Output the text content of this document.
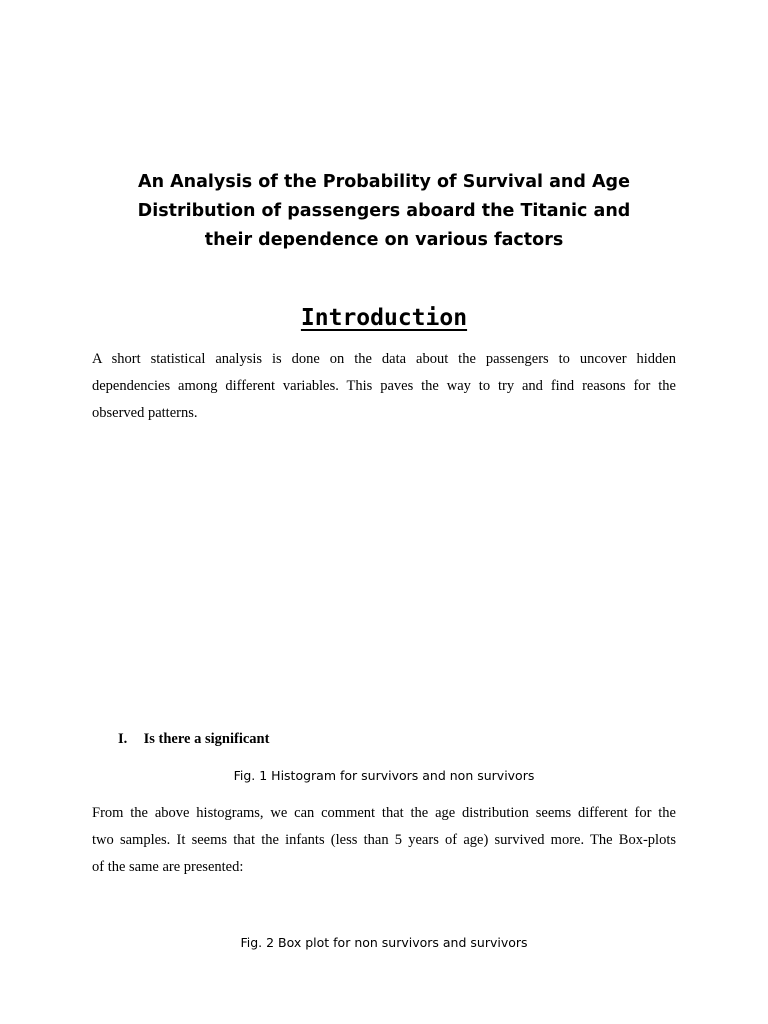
An Analysis of the Probability of Survival and Age
Distribution of passengers aboard the Titanic and
their dependence on various factors
Introduction

A short statistical analysis is done on the data about the passengers to uncover hidden
dependencies among different variables. This paves the way to try and find reasons for the
observed patterns.

I. Is there a significant

Fig. 1 Histogram for survivors and non survivors

From the above histograms, we can comment that the age distribution seems different for the
two samples. It seems that the infants (less than 5 years of age) survived more. The Box-plots
of the same are presented:

Fig. 2 Box plot for non survivors and survivors
